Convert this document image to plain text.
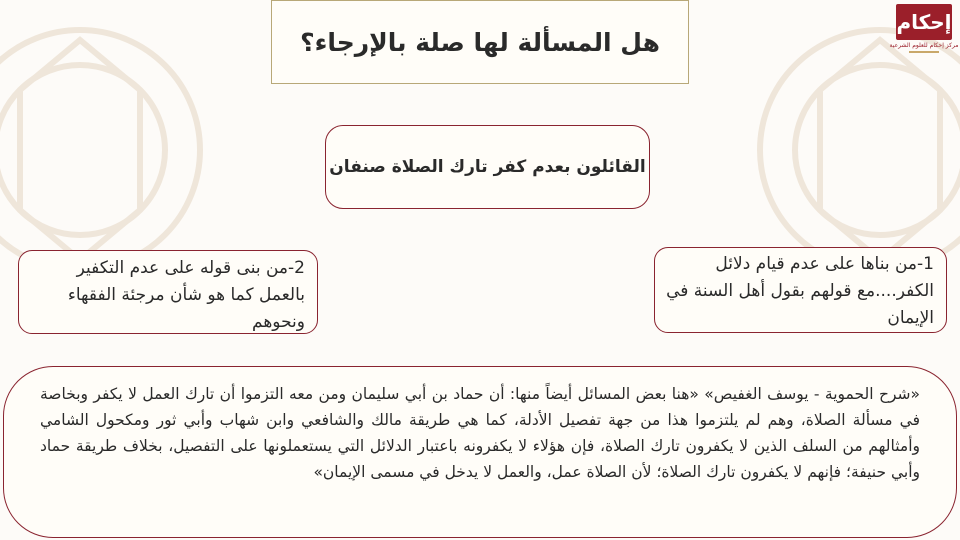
إحكام
مركز إحكام للعلوم الشرعية
هل المسألة لها صلة بالإرجاء؟
القائلون بعدم كفر تارك الصلاة صنفان
1-من بناها على عدم قيام دلائل الكفر....مع قولهم بقول أهل السنة في الإيمان
2-من بنى قوله على عدم التكفير بالعمل كما هو شأن مرجئة الفقهاء ونحوهم
«شرح الحموية - يوسف الغفيص» «هنا بعض المسائل أيضاً منها: أن حماد بن أبي سليمان ومن معه التزموا أن تارك العمل لا يكفر وبخاصة في مسألة الصلاة، وهم لم يلتزموا هذا من جهة تفصيل الأدلة، كما هي طريقة مالك والشافعي وابن شهاب وأبي ثور ومكحول الشامي وأمثالهم من السلف الذين لا يكفرون تارك الصلاة، فإن هؤلاء لا يكفرونه باعتبار الدلائل التي يستعملونها على التفصيل، بخلاف طريقة حماد وأبي حنيفة؛ فإنهم لا يكفرون تارك الصلاة؛ لأن الصلاة عمل، والعمل لا يدخل في مسمى الإيمان»
